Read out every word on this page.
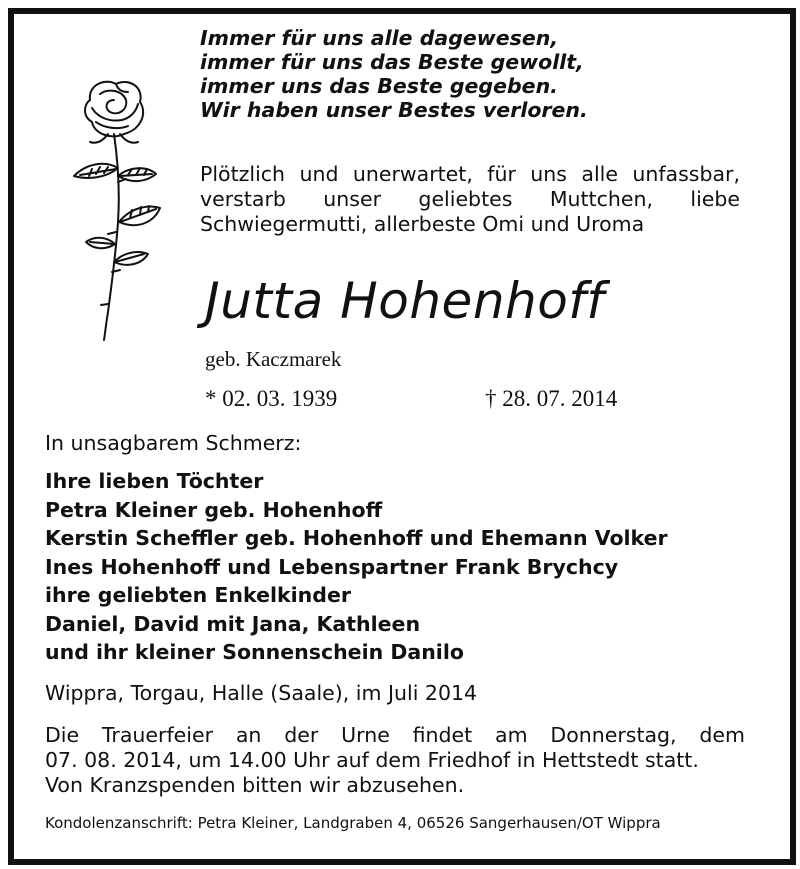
Immer für uns alle dagewesen,
immer für uns das Beste gewollt,
immer uns das Beste gegeben.
Wir haben unser Bestes verloren.
Plötzlich und unerwartet, für uns alle unfassbar,
verstarb unser geliebtes Muttchen, liebe
Schwiegermutti, allerbeste Omi und Uroma
Jutta Hohenhoff
geb. Kaczmarek
* 02. 03. 1939	† 28. 07. 2014
In unsagbarem Schmerz:
Ihre lieben Töchter
Petra Kleiner geb. Hohenhoff
Kerstin Scheffler geb. Hohenhoff und Ehemann Volker
Ines Hohenhoff und Lebenspartner Frank Brychcy
ihre geliebten Enkelkinder
Daniel, David mit Jana, Kathleen
und ihr kleiner Sonnenschein Danilo
Wippra, Torgau, Halle (Saale), im Juli 2014
Die Trauerfeier an der Urne findet am Donnerstag, dem
07. 08. 2014, um 14.00 Uhr auf dem Friedhof in Hettstedt statt.
Von Kranzspenden bitten wir abzusehen.
Kondolenzanschrift: Petra Kleiner, Landgraben 4, 06526 Sangerhausen/OT Wippra
